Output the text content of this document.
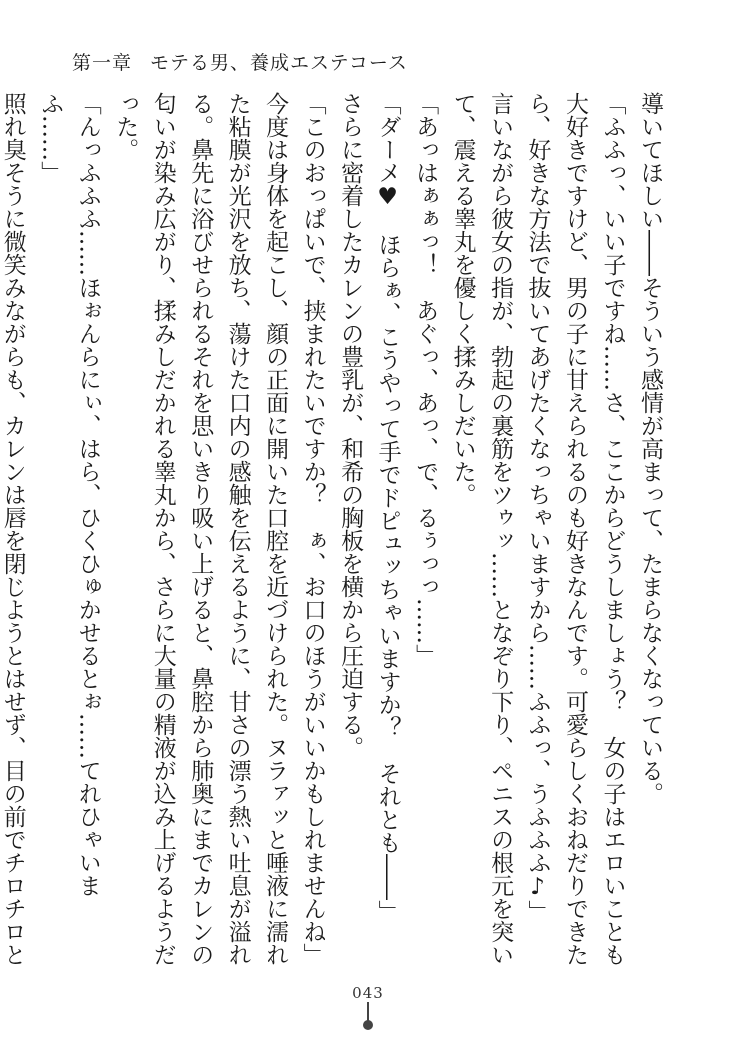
第一章 モテる男、養成エステコース

導いてほしい――そういう感情が高まって、たまらなくなっている。

「ふふっ、いい子ですね……さ、ここからどうしましょう？　女の子はエロいことも大好きですけど、男の子に甘えられるのも好きなんです。可愛らしくおねだりできたら、好きな方法で抜いてあげたくなっちゃいますから……ふふっ、うふふふ♪」

言いながら彼女の指が、勃起の裏筋をツゥッ……となぞり下り、ペニスの根元を突いて、震える睾丸を優しく揉みしだいた。

「あっはぁぁっ！　あぐっ、あっ、で、るぅっっ……」

「ダーメ♥　ほらぁ、こうやって手でドピュッちゃいますか？　それとも――」

さらに密着したカレンの豊乳が、和希の胸板を横から圧迫する。

「このおっぱいで、挟まれたいですか？　ぁ、お口のほうがいいかもしれませんね」

今度は身体を起こし、顔の正面に開いた口腔を近づけられた。ヌラァッと唾液に濡れた粘膜が光沢を放ち、蕩けた口内の感触を伝えるように、甘さの漂う熱い吐息が溢れる。鼻先に浴びせられるそれを思いきり吸い上げると、鼻腔から肺奥にまでカレンの匂いが染み広がり、揉みしだかれる睾丸から、さらに大量の精液が込み上げるようだった。

「んっふふふ……ほぉんらにぃ、はら、ひくひゅかせるとぉ……てれひゃいまふ……」

照れ臭そうに微笑みながらも、カレンは唇を閉じようとはせず、目の前でチロチロと

043
